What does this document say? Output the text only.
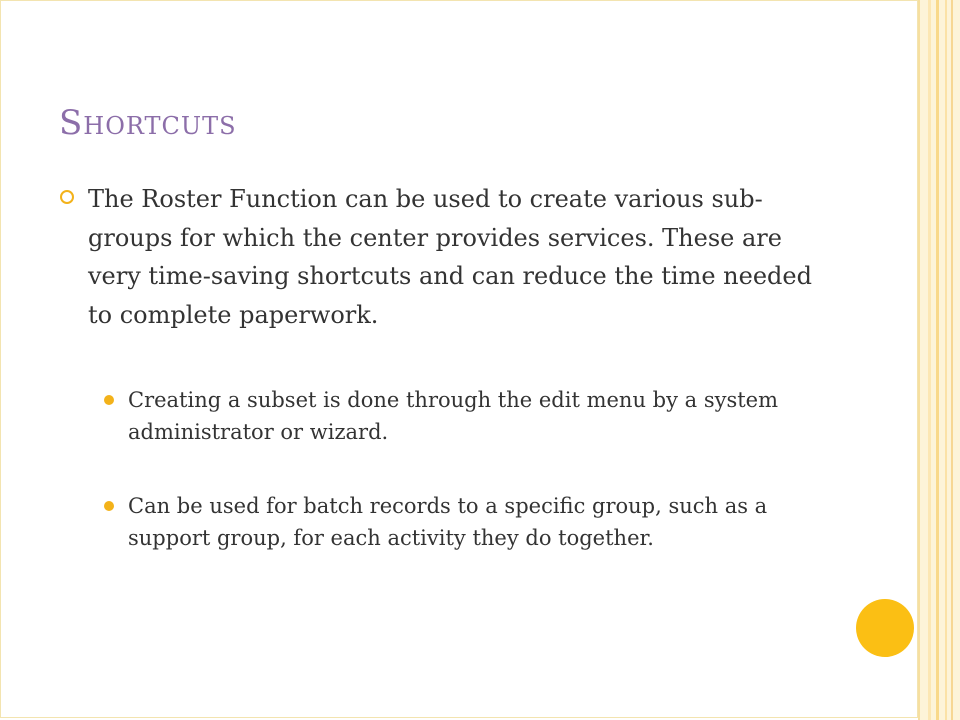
Shortcuts
The Roster Function can be used to create various sub-groups for which the center provides services. These are very time-saving shortcuts and can reduce the time needed to complete paperwork.
Creating a subset is done through the edit menu by a system administrator or wizard.
Can be used for batch records to a specific group, such as a support group, for each activity they do together.
